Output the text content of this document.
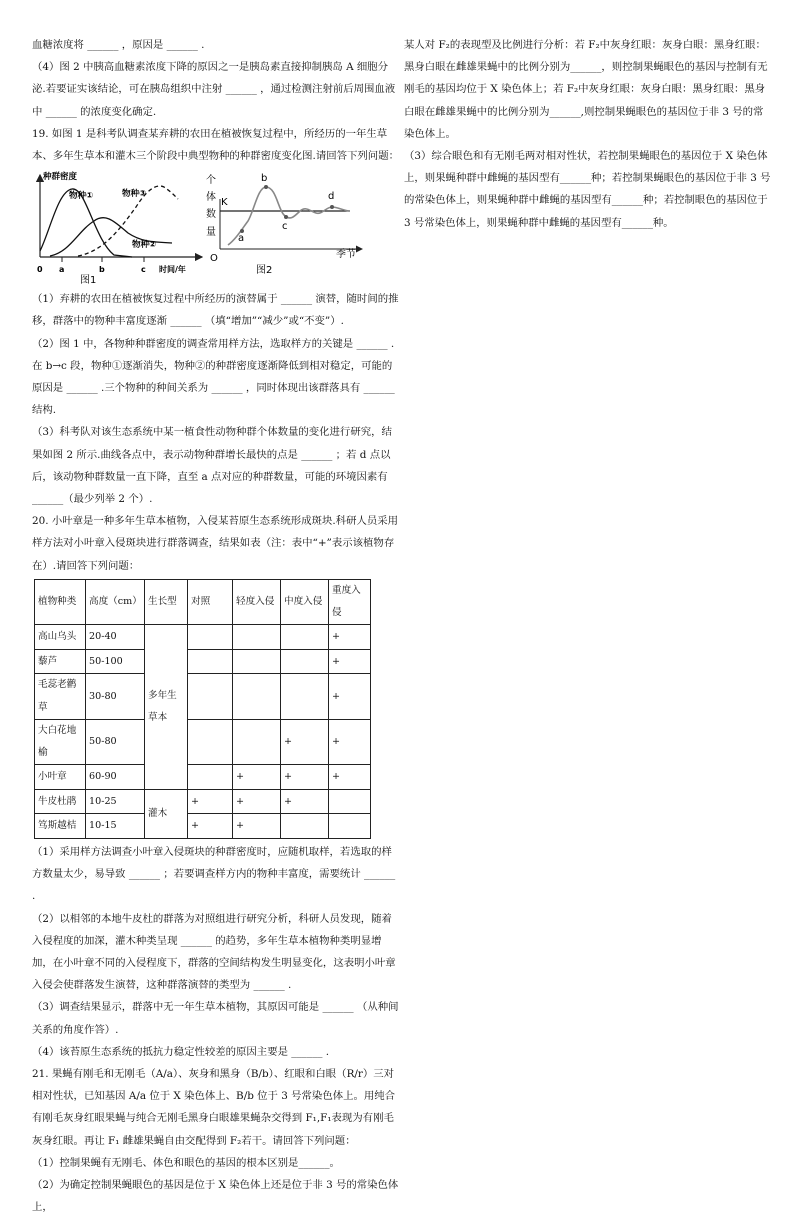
血糖浓度将 ______ ，原因是 ______ .

（4）图 2 中胰高血糖素浓度下降的原因之一是胰岛素直接抑制胰岛 A 细胞分泌.若要证实该结论，可在胰岛组织中注射 ______ ，通过检测注射前后周围血液中 ______ 的浓度变化确定.

19. 如图 1 是科考队调查某弃耕的农田在植被恢复过程中，所经历的一年生草本、多年生草本和灌木三个阶段中典型物种的种群密度变化图.请回答下列问题：

种群密度
物种①
物种②
物种③
0 a	b	c 时间/年
图1
个
体
数
量
K
O
a
b
c
d
季节
图2

（1）弃耕的农田在植被恢复过程中所经历的演替属于 ______ 演替，随时间的推移，群落中的物种丰富度逐渐 ______ （填“增加”“减少”或“不变”）.

（2）图 1 中，各物种种群密度的调查常用样方法，选取样方的关键是 ______ .在 b→c 段，物种①逐渐消失，物种②的种群密度逐渐降低到相对稳定，可能的原因是 ______ .三个物种的种间关系为 ______ ，同时体现出该群落具有 ______ 结构.

（3）科考队对该生态系统中某一植食性动物种群个体数量的变化进行研究，结果如图 2 所示.曲线各点中，表示动物种群增长最快的点是 ______ ；若 d 点以后，该动物种群数量一直下降，直至 a 点对应的种群数量，可能的环境因素有 ______（最少列举 2 个）.

20. 小叶章是一种多年生草本植物，入侵某苔原生态系统形成斑块.科研人员采用样方法对小叶章入侵斑块进行群落调查，结果如表（注：表中“+”表示该植物存在）.请回答下列问题：

植物种类	高度（cm）	生长型	对照	轻度入侵	中度入侵	重度入侵
高山乌头	20-40	多年生草本				+
藜芦	50-100					+
毛蕊老鹳草	30-80					+
大白花地榆	50-80				+	+
小叶章	60-90			+	+	+
牛皮杜鹃	10-25	灌木	+	+	+	
笃斯越桔	10-15		+	+		

（1）采用样方法调查小叶章入侵斑块的种群密度时，应随机取样，若选取的样方数量太少，易导致 ______ ；若要调查样方内的物种丰富度，需要统计 ______ .

（2）以相邻的本地牛皮杜的群落为对照组进行研究分析，科研人员发现，随着入侵程度的加深，灌木种类呈现 ______ 的趋势，多年生草本植物种类明显增加，在小叶章不同的入侵程度下，群落的空间结构发生明显变化，这表明小叶章入侵会使群落发生演替，这种群落演替的类型为 ______ .

（3）调查结果显示，群落中无一年生草本植物，其原因可能是 ______ （从种间关系的角度作答）.

（4）该苔原生态系统的抵抗力稳定性较差的原因主要是 ______ .

21. 果蝇有刚毛和无刚毛（A/a）、灰身和黑身（B/b）、红眼和白眼（R/r）三对相对性状，已知基因 A/a 位于 X 染色体上、B/b 位于 3 号常染色体上。用纯合有刚毛灰身红眼果蝇与纯合无刚毛黑身白眼雄果蝇杂交得到 F₁,F₁表现为有刚毛灰身红眼。再让 F₁ 雌雄果蝇自由交配得到 F₂若干。请回答下列问题：

（1）控制果蝇有无刚毛、体色和眼色的基因的根本区别是______。

（2）为确定控制果蝇眼色的基因是位于 X 染色体上还是位于非 3 号的常染色体上，

某人对 F₂的表现型及比例进行分析：若 F₂中灰身红眼：灰身白眼：黑身红眼：黑身白眼在雌雄果蝇中的比例分别为______，则控制果蝇眼色的基因与控制有无刚毛的基因均位于 X 染色体上；若 F₂中灰身红眼：灰身白眼：黑身红眼：黑身白眼在雌雄果蝇中的比例分别为______,则控制果蝇眼色的基因位于非 3 号的常染色体上。

（3）综合眼色和有无刚毛两对相对性状，若控制果蝇眼色的基因位于 X 染色体上，则果蝇种群中雌蝇的基因型有______种；若控制果蝇眼色的基因位于非 3 号的常染色体上，则果蝇种群中雌蝇的基因型有______种；若控制眼色的基因位于 3 号常染色体上，则果蝇种群中雌蝇的基因型有______种。
